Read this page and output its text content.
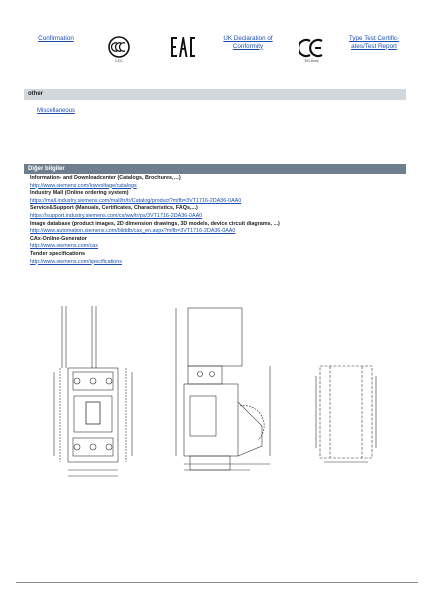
Confirmation
CCC
UK Declaration of Conformity
EG-Konf.
Type Test Certific-ates/Test Report
other
Miscellaneous
Diğer bilgiler
Information- and Downloadcenter (Catalogs, Brochures,…)
http://www.siemens.com/lowvoltage/catalogs
Industry Mall (Online ordering system)
https://mall.industry.siemens.com/mall/tr/tr/Catalog/product?mlfb=3VT1716-2DA36-0AA0
Service&Support (Manuals, Certificates, Characteristics, FAQs,...)
https://support.industry.siemens.com/cs/ww/tr/ps/3VT1716-2DA36-0AA0
Image database (product images, 2D dimension drawings, 3D models, device circuit diagrams, ...)
http://www.automation.siemens.com/bilddb/cax_en.aspx?mlfb=3VT1716-2DA36-0AA0
CAx-Online-Generator
http://www.siemens.com/cax
Tender specifications
http://www.siemens.com/specifications
